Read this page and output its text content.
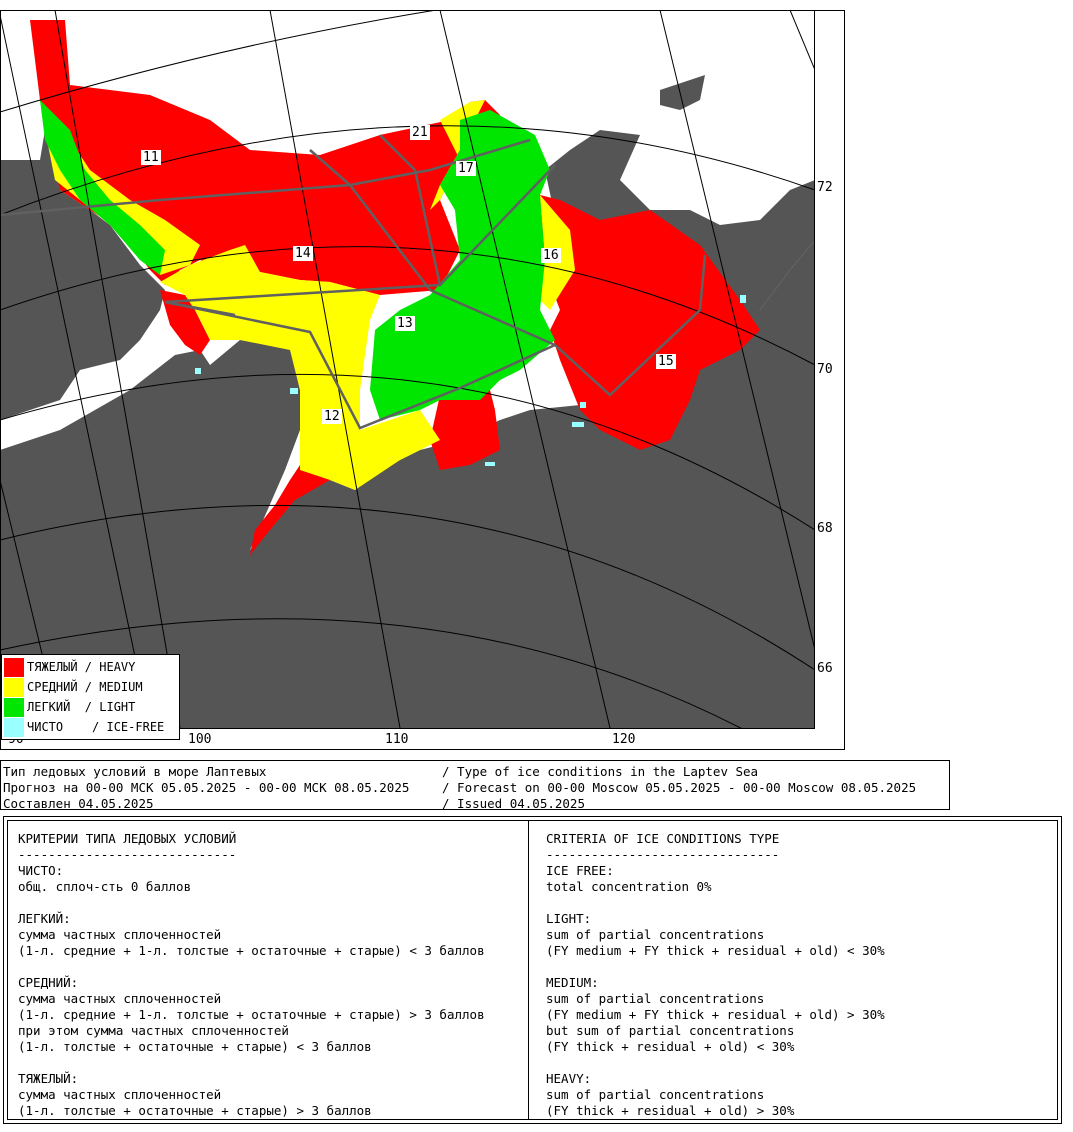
11
21
17
14	16
13
15
12
72
70
68
66
100	110	120
ТЯЖЕЛЫЙ / HEAVY
СРЕДНИЙ / MEDIUM
ЛЕГКИЙ  / LIGHT
ЧИСТО    / ICE-FREE
Тип ледовых условий в море Лаптевых
Прогноз на 00-00 МСК 05.05.2025 - 00-00 МСК 08.05.2025
Составлен 04.05.2025
/ Type of ice conditions in the Laptev Sea
/ Forecast on 00-00 Moscow 05.05.2025 - 00-00 Moscow 08.05.2025
/ Issued 04.05.2025
КРИТЕРИИ ТИПА ЛЕДОВЫХ УСЛОВИЙ
-----------------------------
ЧИСТО:
общ. сплоч-сть 0 баллов
ЛЕГКИЙ:
сумма частных сплоченностей
(1-л. средние + 1-л. толстые + остаточные + старые) < 3 баллов
СРЕДНИЙ:
сумма частных сплоченностей
(1-л. средние + 1-л. толстые + остаточные + старые) > 3 баллов
при этом сумма частных сплоченностей
(1-л. толстые + остаточные + старые) < 3 баллов
ТЯЖЕЛЫЙ:
сумма частных сплоченностей
(1-л. толстые + остаточные + старые) > 3 баллов
CRITERIA OF ICE CONDITIONS TYPE
-------------------------------
ICE FREE:
total concentration 0%
LIGHT:
sum of partial concentrations
(FY medium + FY thick + residual + old) < 30%
MEDIUM:
sum of partial concentrations
(FY medium + FY thick + residual + old) > 30%
but sum of partial concentrations
(FY thick + residual + old) < 30%
HEAVY:
sum of partial concentrations
(FY thick + residual + old) > 30%
